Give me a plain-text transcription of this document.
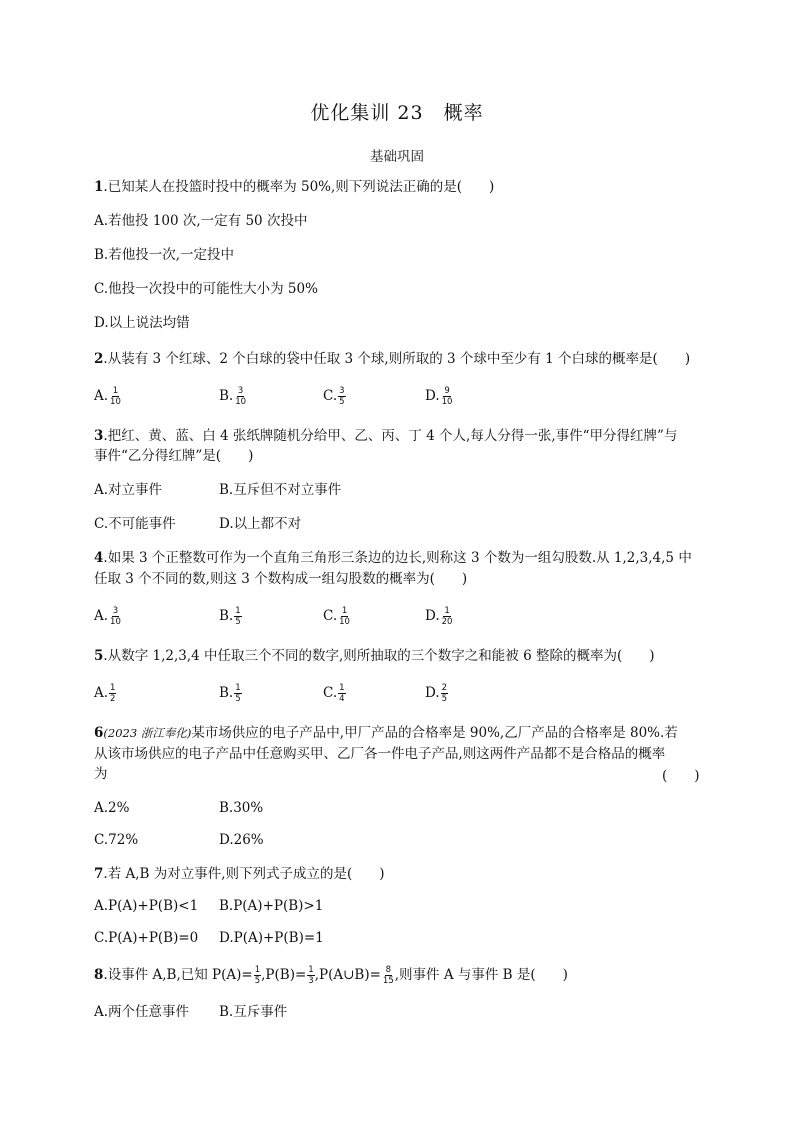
优化集训 23　概率
基础巩固
1.已知某人在投篮时投中的概率为 50%,则下列说法正确的是(　　)
A.若他投 100 次,一定有 50 次投中
B.若他投一次,一定投中
C.他投一次投中的可能性大小为 50%
D.以上说法均错
2.从装有 3 个红球、2 个白球的袋中任取 3 个球,则所取的 3 个球中至少有 1 个白球的概率是(　　)
A. $\frac{1}{10}$	B. $\frac{3}{10}$	C. $\frac{3}{5}$	D. $\frac{9}{10}$
3.把红、黄、蓝、白 4 张纸牌随机分给甲、乙、丙、丁 4 个人,每人分得一张,事件“甲分得红牌”与
事件“乙分得红牌”是(　　)
A.对立事件	B.互斥但不对立事件
C.不可能事件	D.以上都不对
4.如果 3 个正整数可作为一个直角三角形三条边的边长,则称这 3 个数为一组勾股数.从 1,2,3,4,5 中
任取 3 个不同的数,则这 3 个数构成一组勾股数的概率为(　　)
A. $\frac{3}{10}$	B. $\frac{1}{5}$	C. $\frac{1}{10}$	D. $\frac{1}{20}$
5.从数字 1,2,3,4 中任取三个不同的数字,则所抽取的三个数字之和能被 6 整除的概率为(　　)
A. $\frac{1}{2}$	B. $\frac{1}{5}$	C. $\frac{1}{4}$	D. $\frac{2}{5}$
6(2023 浙江奉化)某市场供应的电子产品中,甲厂产品的合格率是 90%,乙厂产品的合格率是 80%.若
从该市场供应的电子产品中任意购买甲、乙厂各一件电子产品,则这两件产品都不是合格品的概率
为	(　　)
A.2%	B.30%
C.72%	D.26%
7.若 A,B 为对立事件,则下列式子成立的是(　　)
A.P(A)+P(B)<1 B.P(A)+P(B)>1
C.P(A)+P(B)=0 D.P(A)+P(B)=1
8.设事件 A,B,已知 $P(A)= \frac{1}{5} ,P(B)= \frac{1}{3}$ ,P(A∪B)= $\frac{8}{15}$ ,则事件 A 与事件 B 是(　　)
A.两个任意事件 B.互斥事件
